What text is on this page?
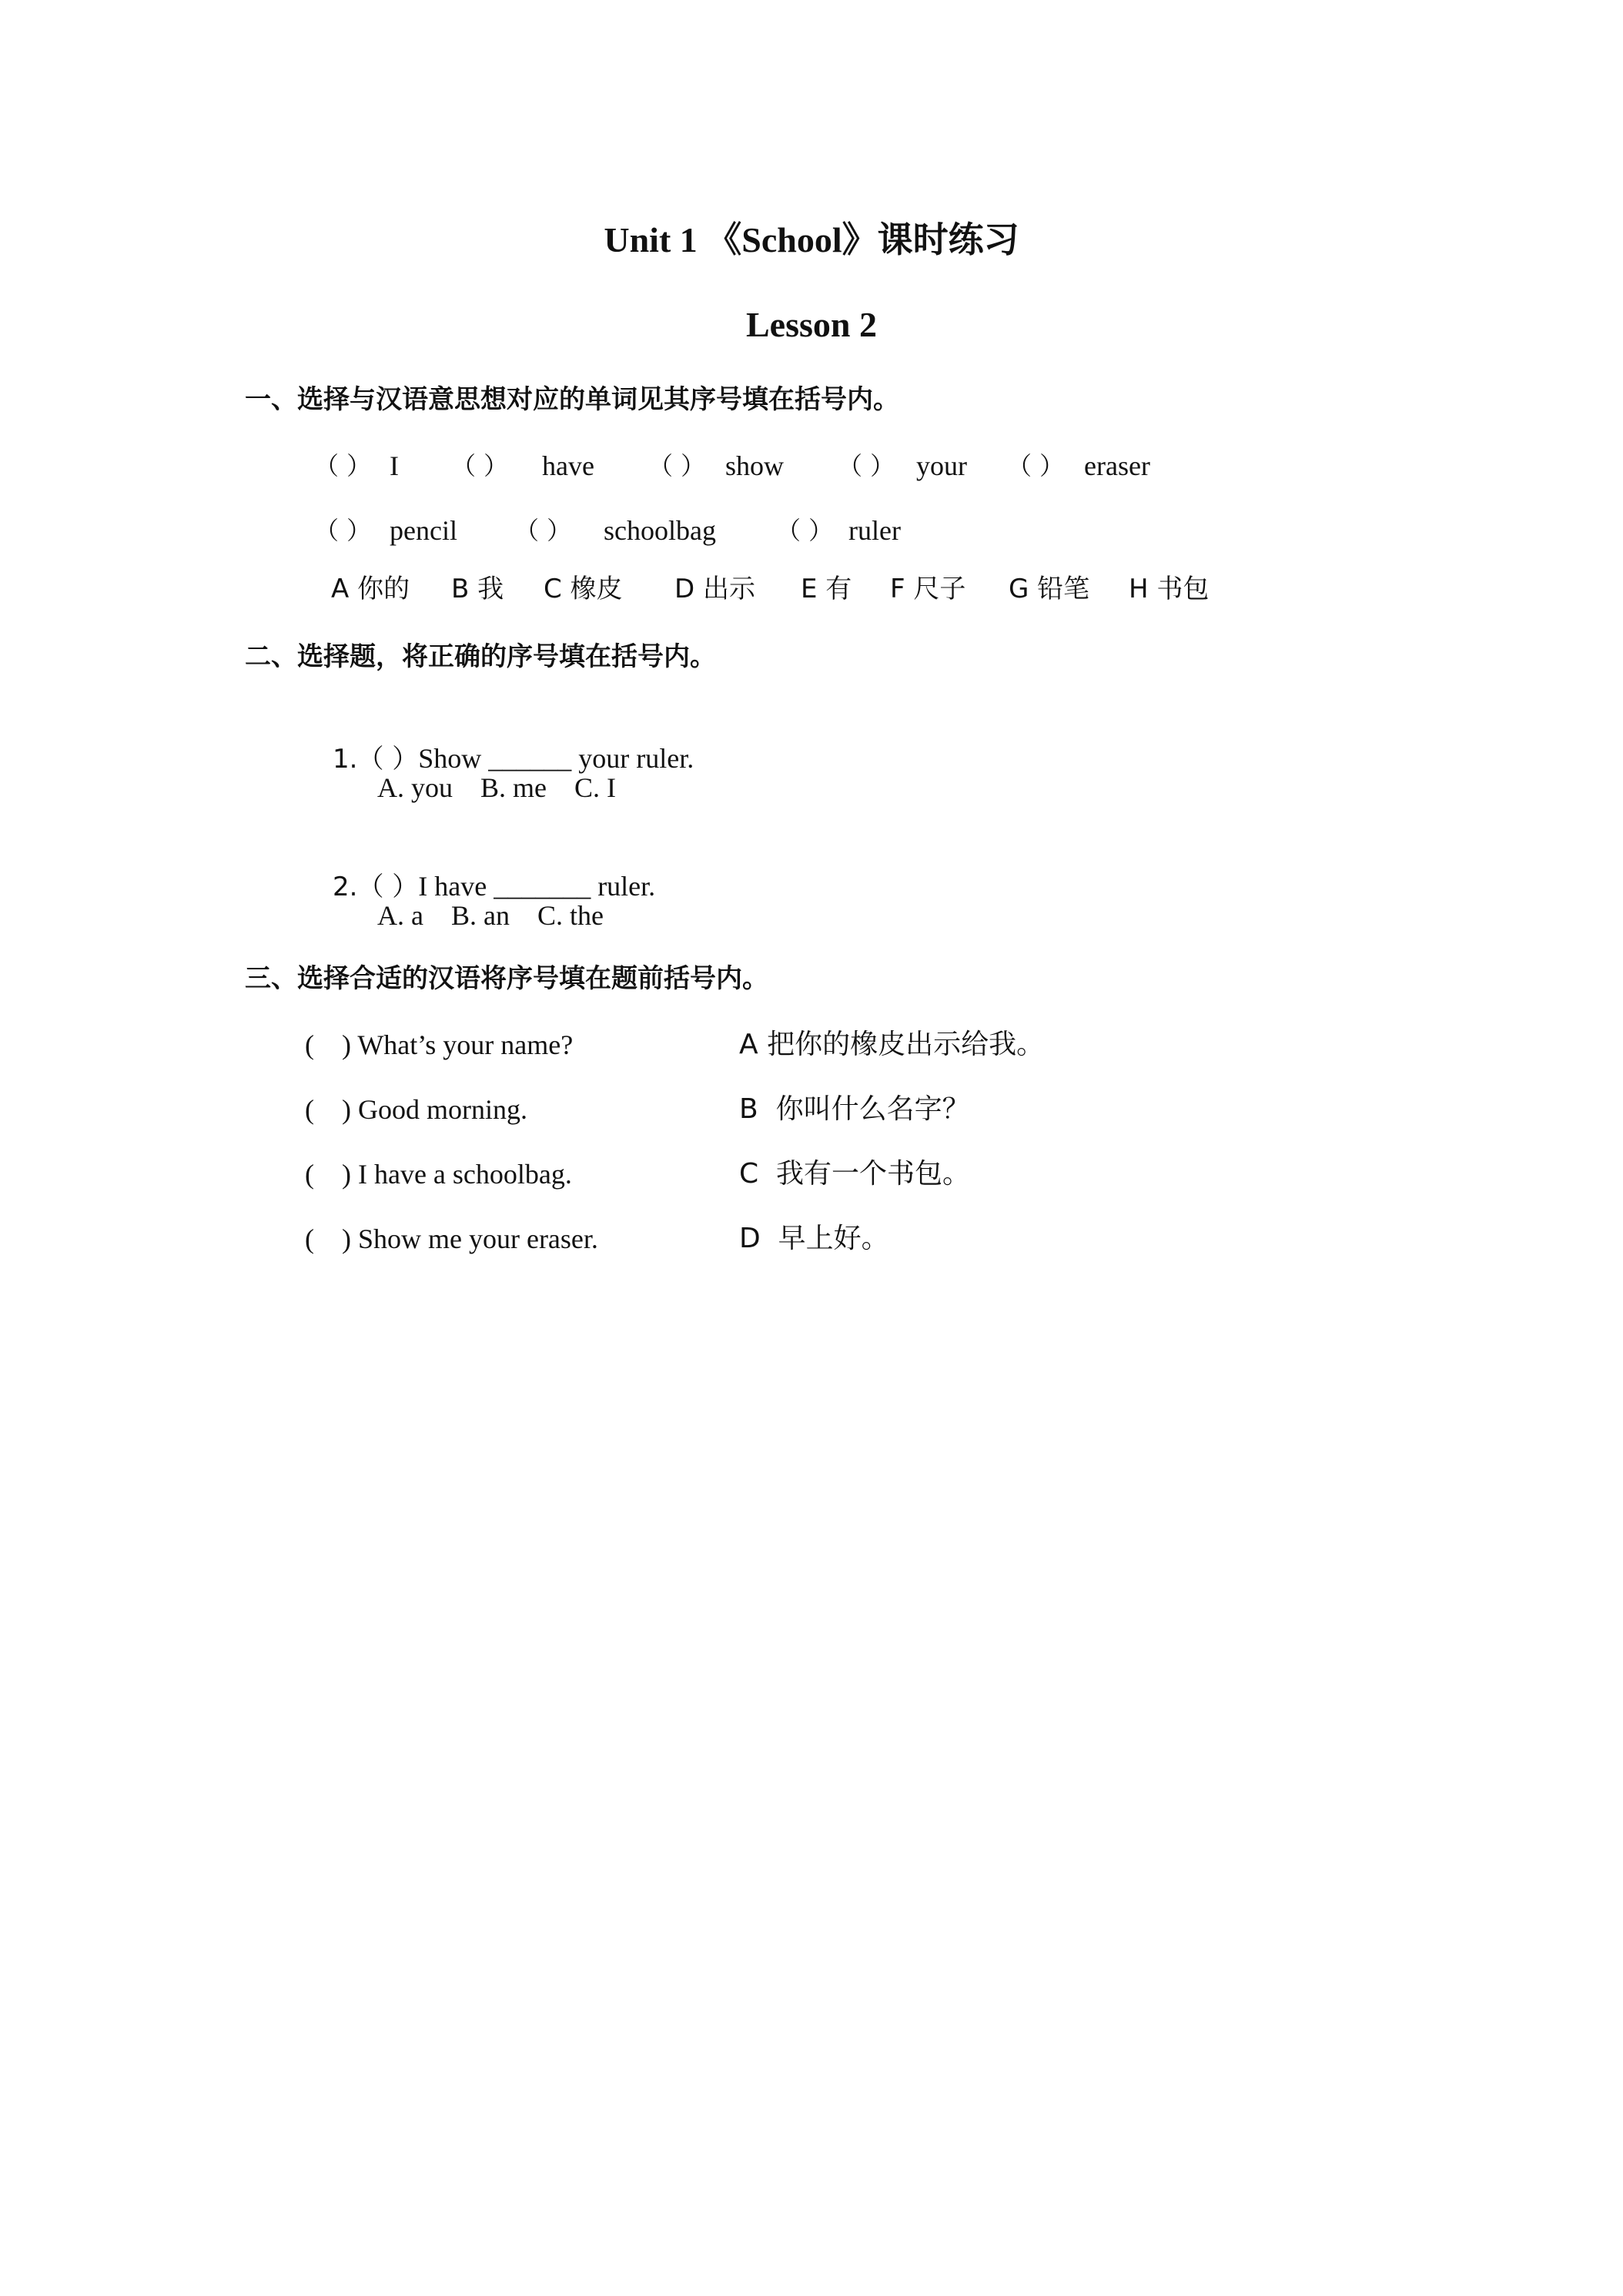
Unit 1 《School》课时练习
Lesson 2
一、选择与汉语意思想对应的单词见其序号填在括号内。
（ ） I （ ） have （ ） show （ ） your （ ） eraser
（ ） pencil （ ） schoolbag （ ） ruler
A 你的 B 我 C 橡皮 D 出示 E 有 F 尺子 G 铅笔 H 书包
二、选择题，将正确的序号填在括号内。

1.（ ）Show ______ your ruler.

A. you    B. me    C. I

2.（ ）I have _______ ruler.

A. a    B. an    C. the
三、选择合适的汉语将序号填在题前括号内。
(    ) What’s your name?	A 把你的橡皮出示给我。
(    ) Good morning.	B  你叫什么名字？
(    ) I have a schoolbag.	C  我有一个书包。
(    ) Show me your eraser.	D  早上好。
